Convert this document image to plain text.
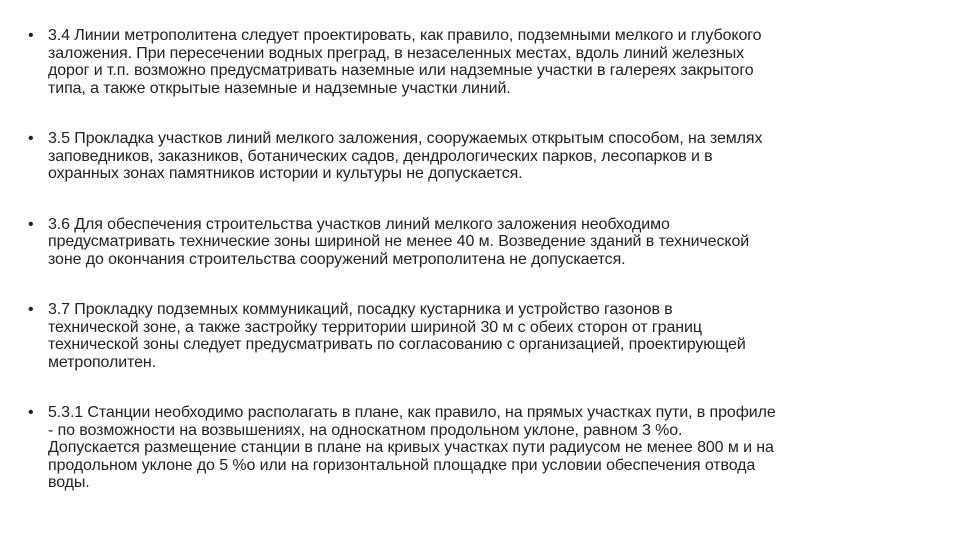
• 3.4 Линии метрополитена следует проектировать, как правило, подземными мелкого и глубокого
заложения. При пересечении водных преград, в незаселенных местах, вдоль линий железных
дорог и т.п. возможно предусматривать наземные или надземные участки в галереях закрытого
типа, а также открытые наземные и надземные участки линий.
• 3.5 Прокладка участков линий мелкого заложения, сооружаемых открытым способом, на землях
заповедников, заказников, ботанических садов, дендрологических парков, лесопарков и в
охранных зонах памятников истории и культуры не допускается.
• 3.6 Для обеспечения строительства участков линий мелкого заложения необходимо
предусматривать технические зоны шириной не менее 40 м. Возведение зданий в технической
зоне до окончания строительства сооружений метрополитена не допускается.
• 3.7 Прокладку подземных коммуникаций, посадку кустарника и устройство газонов в
технической зоне, а также застройку территории шириной 30 м с обеих сторон от границ
технической зоны следует предусматривать по согласованию с организацией, проектирующей
метрополитен.
• 5.3.1 Станции необходимо располагать в плане, как правило, на прямых участках пути, в профиле
- по возможности на возвышениях, на односкатном продольном уклоне, равном 3 %о.
Допускается размещение станции в плане на кривых участках пути радиусом не менее 800 м и на
продольном уклоне до 5 %о или на горизонтальной площадке при условии обеспечения отвода
воды.
